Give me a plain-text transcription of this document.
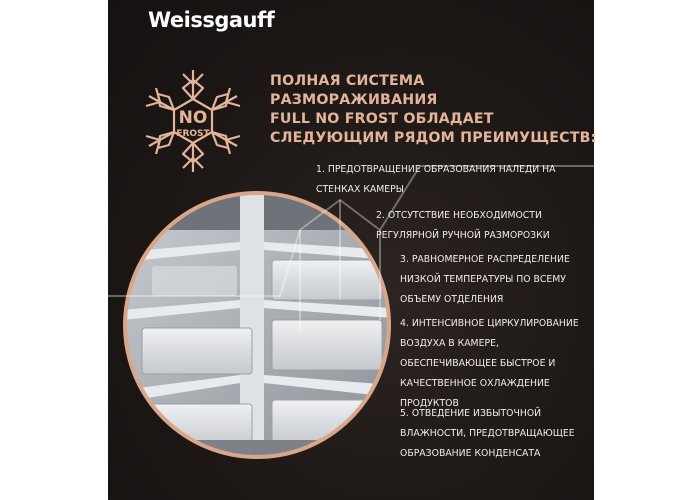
Weissgauff
NO
FROST
ПОЛНАЯ СИСТЕМА
РАЗМОРАЖИВАНИЯ
FULL NO FROST ОБЛАДАЕТ
СЛЕДУЮЩИМ РЯДОМ ПРЕИМУЩЕСТВ:
1. ПРЕДОТВРАЩЕНИЕ ОБРАЗОВАНИЯ НАЛЕДИ НА
СТЕНКАХ КАМЕРЫ
2. ОТСУТСТВИЕ НЕОБХОДИМОСТИ
РЕГУЛЯРНОЙ РУЧНОЙ РАЗМОРОЗКИ
3. РАВНОМЕРНОЕ РАСПРЕДЕЛЕНИЕ
НИЗКОЙ ТЕМПЕРАТУРЫ ПО ВСЕМУ
ОБЪЕМУ ОТДЕЛЕНИЯ
4. ИНТЕНСИВНОЕ ЦИРКУЛИРОВАНИЕ
ВОЗДУХА В КАМЕРЕ,
ОБЕСПЕЧИВАЮЩЕЕ БЫСТРОЕ И
КАЧЕСТВЕННОЕ ОХЛАЖДЕНИЕ
ПРОДУКТОВ
5. ОТВЕДЕНИЕ ИЗБЫТОЧНОЙ
ВЛАЖНОСТИ, ПРЕДОТВРАЩАЮЩЕЕ
ОБРАЗОВАНИЕ КОНДЕНСАТА
